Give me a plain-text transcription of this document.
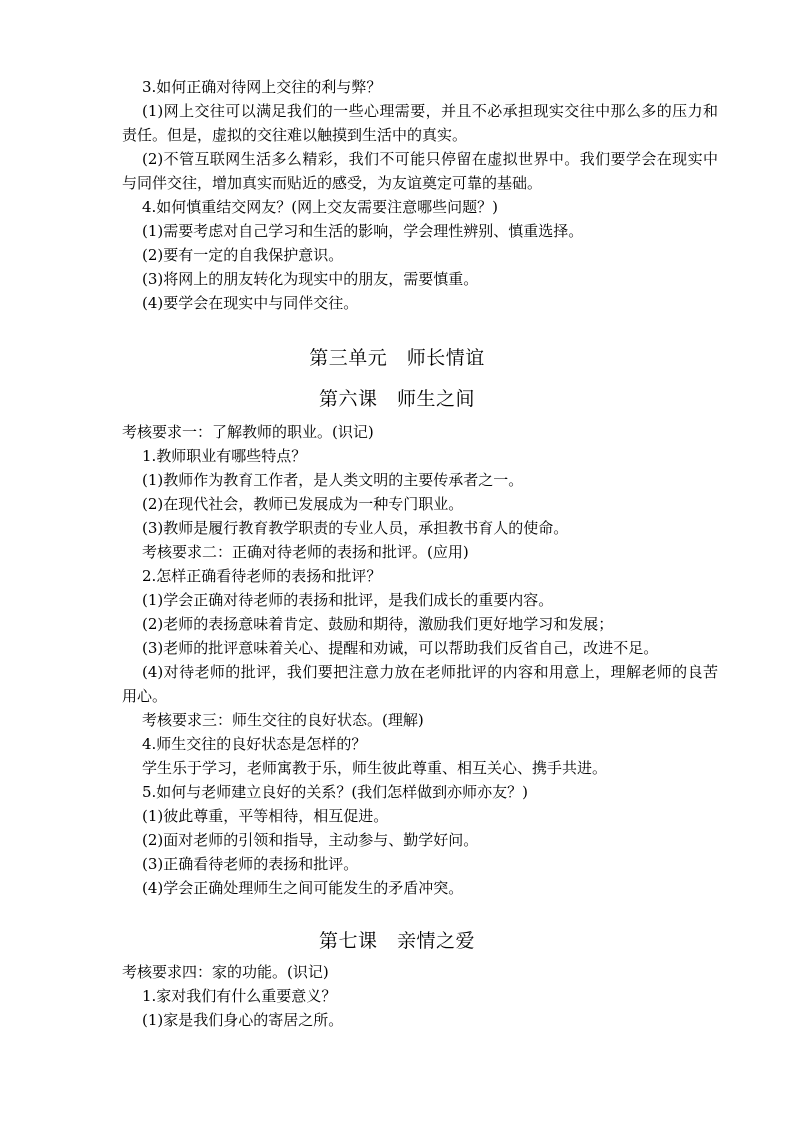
3.如何正确对待网上交往的利与弊？
(1)网上交往可以满足我们的一些心理需要，并且不必承担现实交往中那么多的压力和
责任。但是，虚拟的交往难以触摸到生活中的真实。
(2)不管互联网生活多么精彩，我们不可能只停留在虚拟世界中。我们要学会在现实中
与同伴交往，增加真实而贴近的感受，为友谊奠定可靠的基础。
4.如何慎重结交网友？(网上交友需要注意哪些问题？)
(1)需要考虑对自己学习和生活的影响，学会理性辨别、慎重选择。
(2)要有一定的自我保护意识。
(3)将网上的朋友转化为现实中的朋友，需要慎重。
(4)要学会在现实中与同伴交往。
第三单元　师长情谊
第六课　师生之间
考核要求一：了解教师的职业。(识记)
1.教师职业有哪些特点？
(1)教师作为教育工作者，是人类文明的主要传承者之一。
(2)在现代社会，教师已发展成为一种专门职业。
(3)教师是履行教育教学职责的专业人员，承担教书育人的使命。
考核要求二：正确对待老师的表扬和批评。(应用)
2.怎样正确看待老师的表扬和批评？
(1)学会正确对待老师的表扬和批评，是我们成长的重要内容。
(2)老师的表扬意味着肯定、鼓励和期待，激励我们更好地学习和发展；
(3)老师的批评意味着关心、提醒和劝诫，可以帮助我们反省自己，改进不足。
(4)对待老师的批评，我们要把注意力放在老师批评的内容和用意上，理解老师的良苦
用心。
考核要求三：师生交往的良好状态。(理解)
4.师生交往的良好状态是怎样的？
学生乐于学习，老师寓教于乐，师生彼此尊重、相互关心、携手共进。
5.如何与老师建立良好的关系？(我们怎样做到亦师亦友？)
(1)彼此尊重，平等相待，相互促进。
(2)面对老师的引领和指导，主动参与、勤学好问。
(3)正确看待老师的表扬和批评。
(4)学会正确处理师生之间可能发生的矛盾冲突。
第七课　亲情之爱
考核要求四：家的功能。(识记)
1.家对我们有什么重要意义？
(1)家是我们身心的寄居之所。
